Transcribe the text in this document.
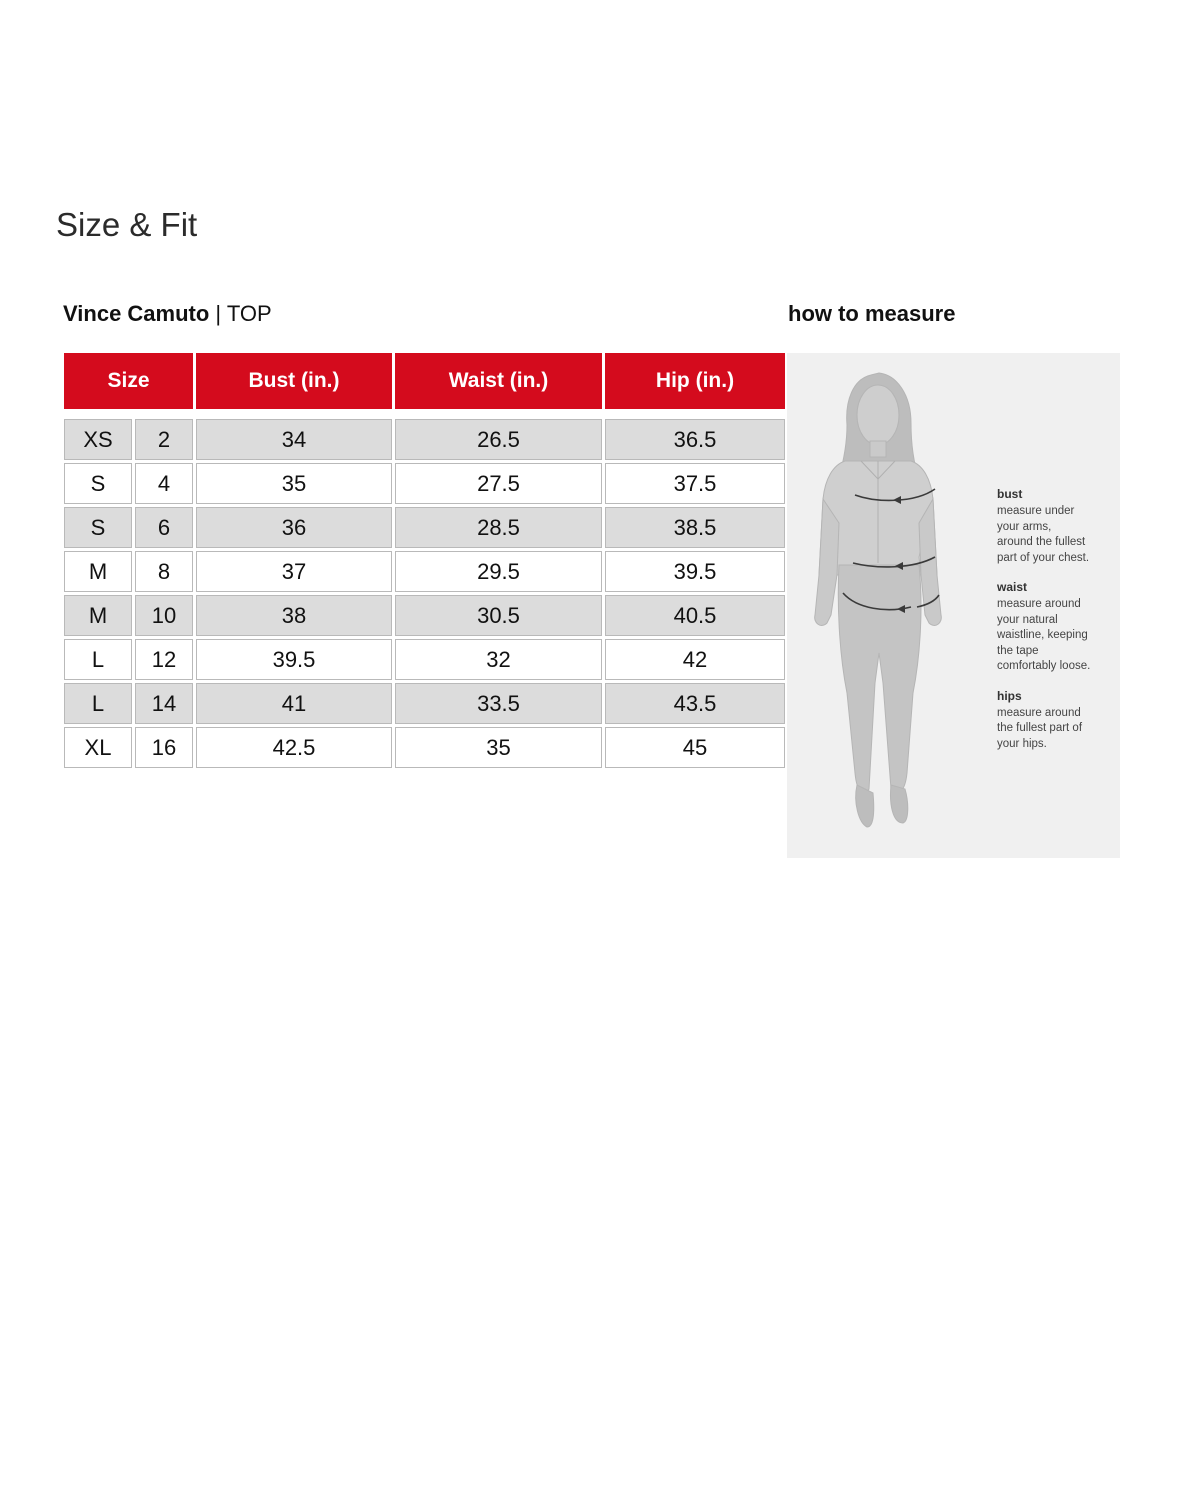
Size & Fit
Vince Camuto | TOP	how to measure
Size		Bust (in.)	Waist (in.)	Hip (in.)

XS	2	34	26.5	36.5
S	4	35	27.5	37.5
S	6	36	28.5	38.5
M	8	37	29.5	39.5
M	10	38	30.5	40.5
L	12	39.5	32	42
L	14	41	33.5	43.5
XL	16	42.5	35	45
bust
measure under
your arms,
around the fullest
part of your chest.
waist
measure around
your natural
waistline, keeping
the tape
comfortably loose.
hips
measure around
the fullest part of
your hips.
